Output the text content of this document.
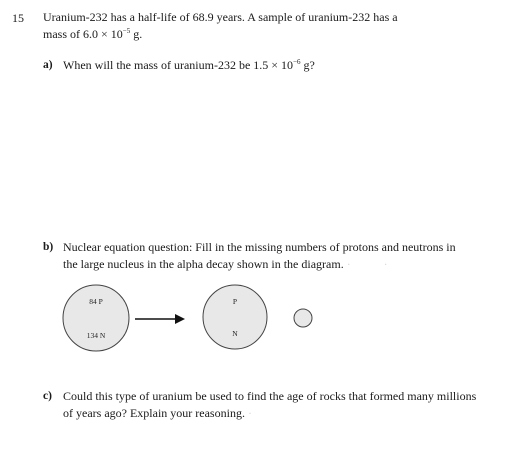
15 Uranium-232 has a half-life of 68.9 years. A sample of uranium-232 has a
mass of $6.0 \times 10^{-5}$ g.
a) When will the mass of uranium-232 be $1.5 \times 10^{-6}$ g?
b) Nuclear equation question: Fill in the missing numbers of protons and neutrons in
the large nucleus in the alpha decay shown in the diagram. ·           ·
84 P
134 N
P
N
c) Could this type of uranium be used to find the age of rocks that formed many millions
of years ago? Explain your reasoning. ·
